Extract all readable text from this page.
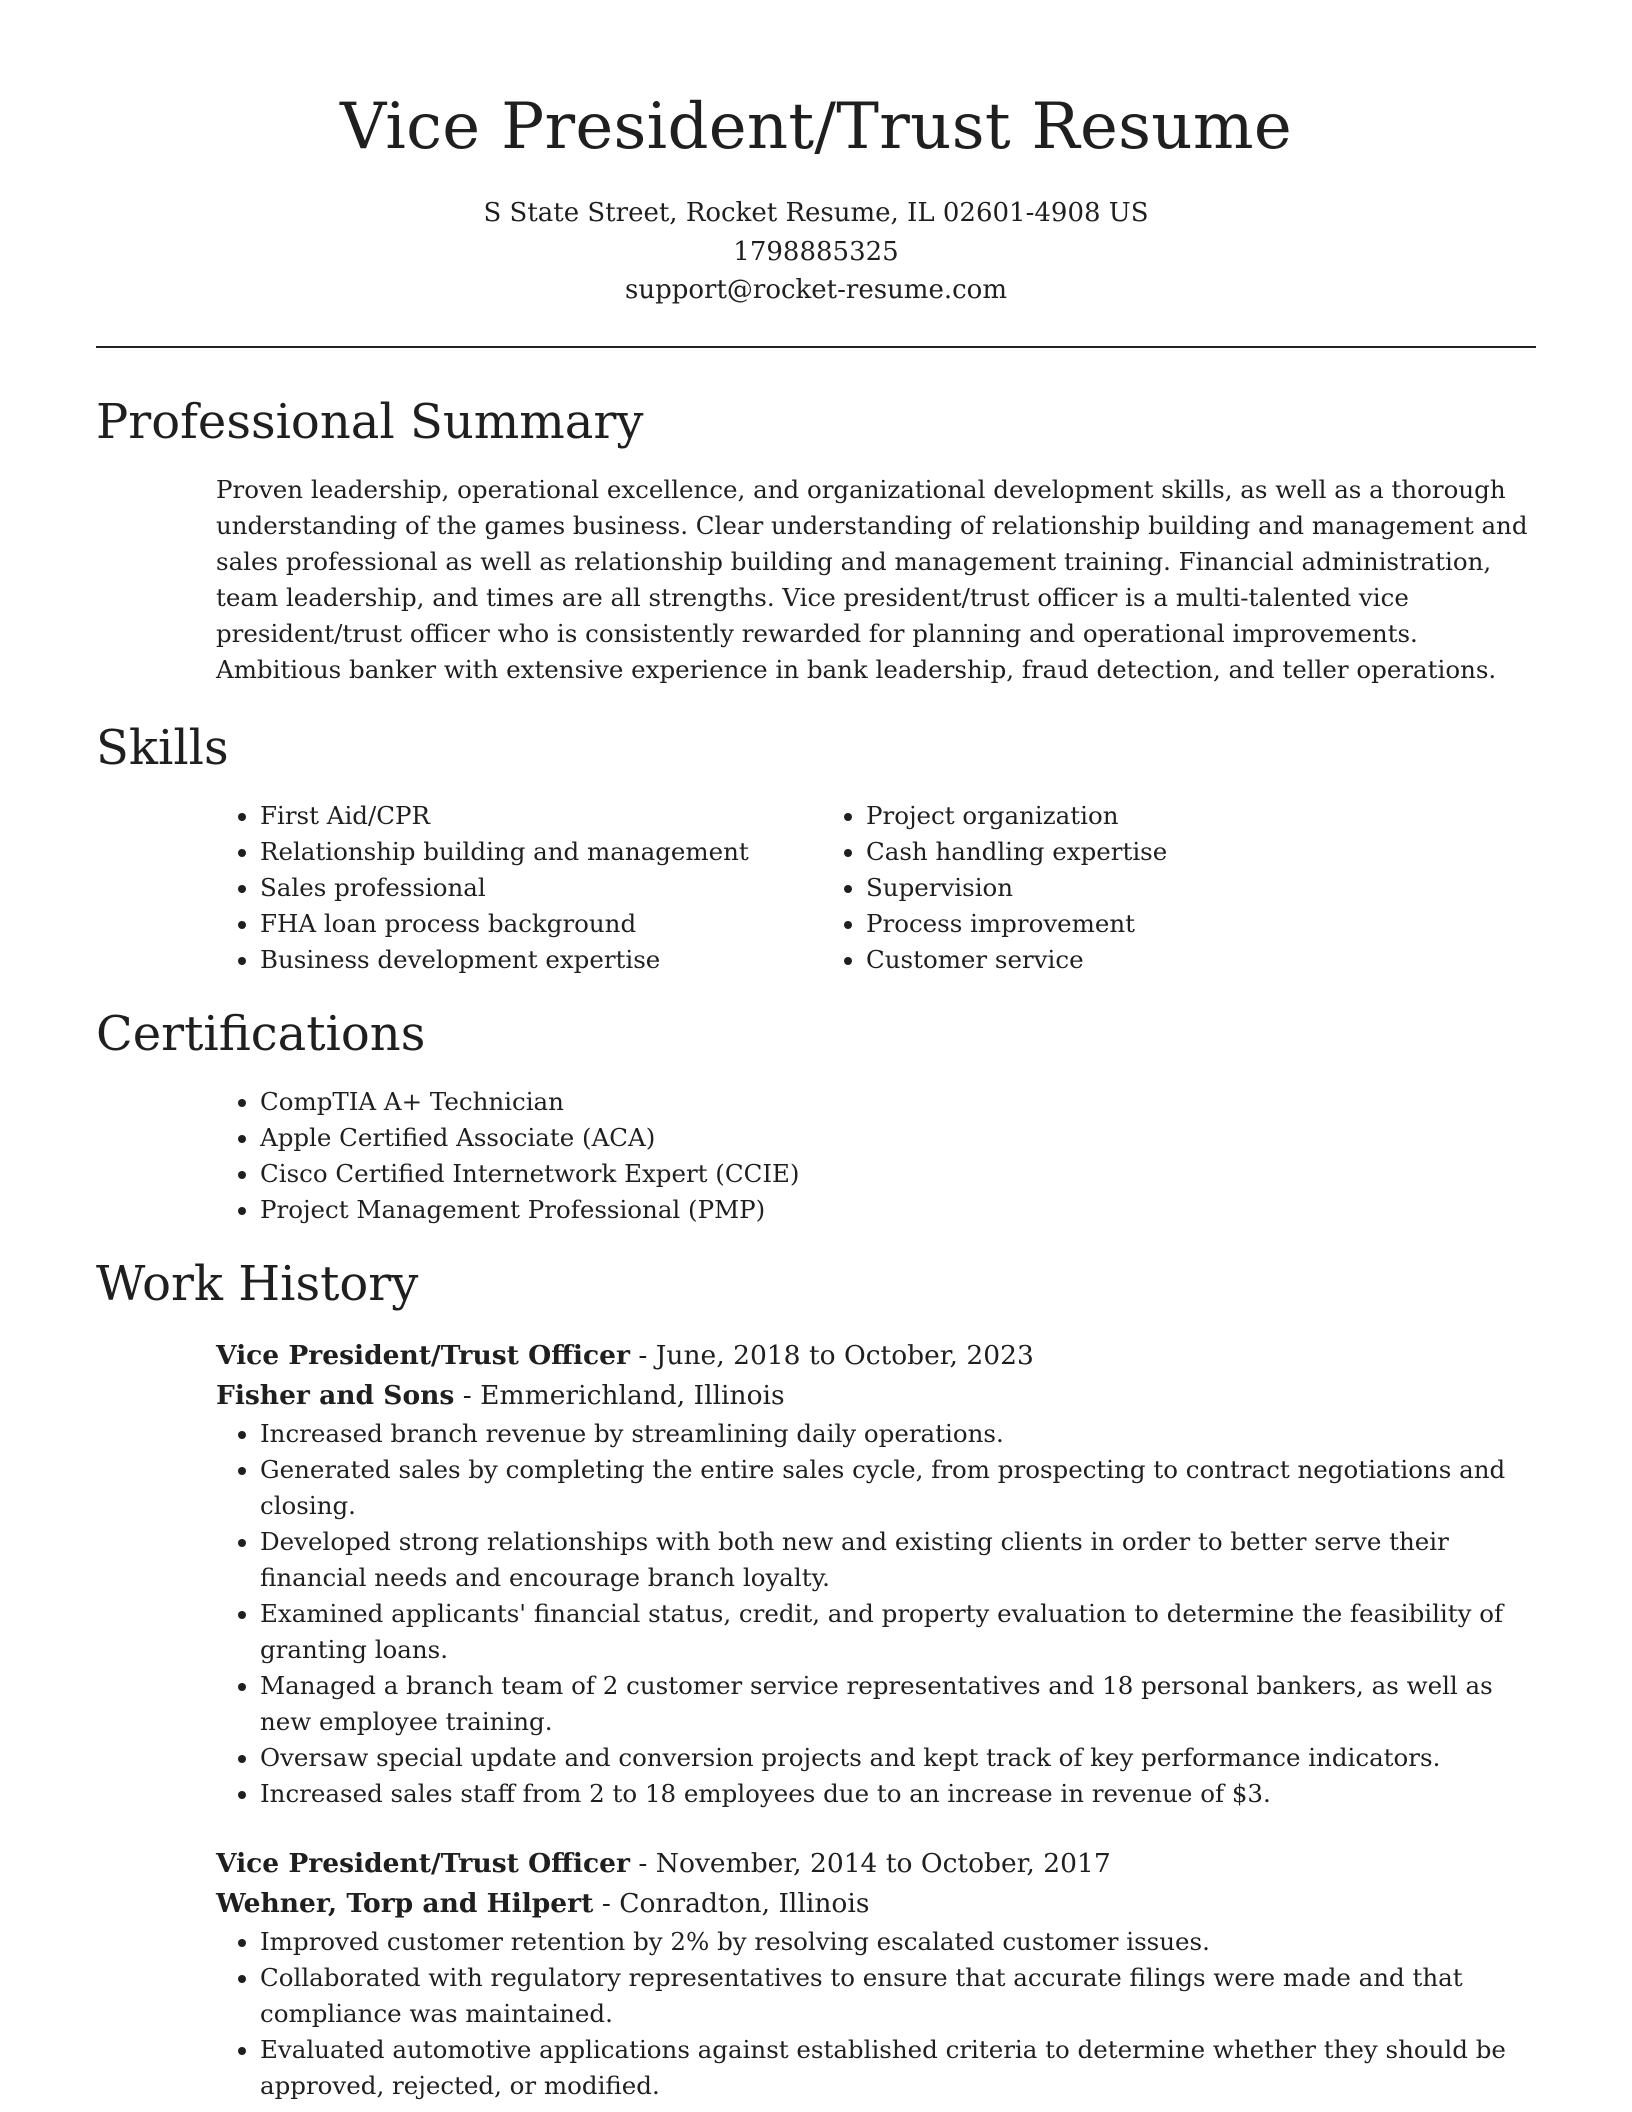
Vice President/Trust Resume
S State Street, Rocket Resume, IL 02601-4908 US
1798885325
support@rocket-resume.com
Professional Summary

Proven leadership, operational excellence, and organizational development skills, as well as a thorough understanding of the games business. Clear understanding of relationship building and management and sales professional as well as relationship building and management training. Financial administration, team leadership, and times are all strengths. Vice president/trust officer is a multi-talented vice president/trust officer who is consistently rewarded for planning and operational improvements. Ambitious banker with extensive experience in bank leadership, fraud detection, and teller operations.

Skills
• First Aid/CPR
• Relationship building and management
• Sales professional
• FHA loan process background
• Business development expertise
• Project organization
• Cash handling expertise
• Supervision
• Process improvement
• Customer service
Certifications
• CompTIA A+ Technician
• Apple Certified Associate (ACA)
• Cisco Certified Internetwork Expert (CCIE)
• Project Management Professional (PMP)
Work History
Vice President/Trust Officer - June, 2018 to October, 2023
Fisher and Sons - Emmerichland, Illinois
• Increased branch revenue by streamlining daily operations.
• Generated sales by completing the entire sales cycle, from prospecting to contract negotiations and closing.
• Developed strong relationships with both new and existing clients in order to better serve their financial needs and encourage branch loyalty.
• Examined applicants' financial status, credit, and property evaluation to determine the feasibility of granting loans.
• Managed a branch team of 2 customer service representatives and 18 personal bankers, as well as new employee training.
• Oversaw special update and conversion projects and kept track of key performance indicators.
• Increased sales staff from 2 to 18 employees due to an increase in revenue of $3.
Vice President/Trust Officer - November, 2014 to October, 2017
Wehner, Torp and Hilpert - Conradton, Illinois
• Improved customer retention by 2% by resolving escalated customer issues.
• Collaborated with regulatory representatives to ensure that accurate filings were made and that compliance was maintained.
• Evaluated automotive applications against established criteria to determine whether they should be approved, rejected, or modified.
